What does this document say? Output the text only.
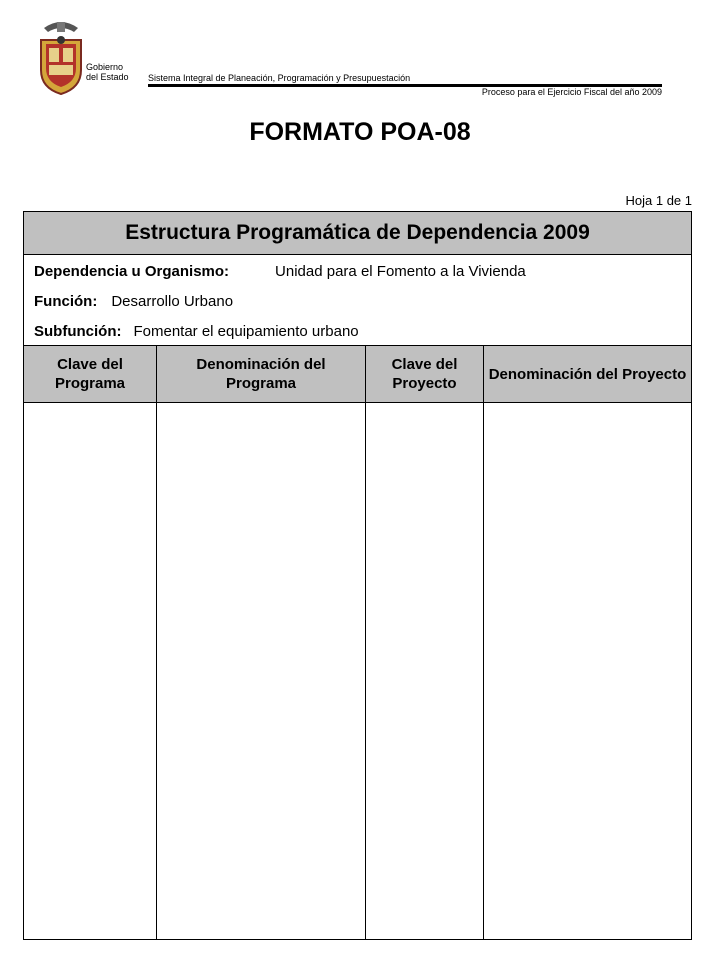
Gobierno
del Estado Sistema Integral de Planeación, Programación y Presupuestación
Proceso para el Ejercicio Fiscal del año 2009
FORMATO POA-08
Hoja 1 de 1
Estructura Programática de Dependencia 2009
Dependencia u Organismo:	Unidad para el Fomento a la Vivienda
Función: Desarrollo Urbano
Subfunción: Fomentar el equipamiento urbano
Clave del Programa
Denominación del Programa
Clave del Proyecto
Denominación del Proyecto
